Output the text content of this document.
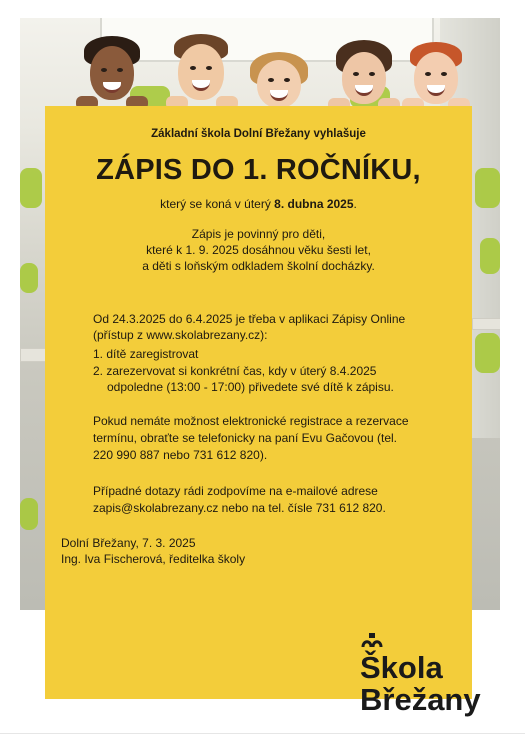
Základní škola Dolní Břežany vyhlašuje

ZÁPIS DO 1. ROČNÍKU,

který se koná v úterý 8. dubna 2025.

Zápis je povinný pro děti,

které k 1. 9. 2025 dosáhnou věku šesti let,

a děti s loňským odkladem školní docházky.

Od 24.3.2025 do 6.4.2025 je třeba v aplikaci Zápisy Online

(přístup z www.skolabrezany.cz):

1. dítě zaregistrovat

2. zarezervovat si konkrétní čas, kdy v úterý 8.4.2025

odpoledne (13:00 - 17:00) přivedete své dítě k zápisu.

Pokud nemáte možnost elektronické registrace a rezervace

termínu, obraťte se telefonicky na paní Evu Gačovou (tel.

220 990 887 nebo 731 612 820).

Případné dotazy rádi zodpovíme na e-mailové adrese

zapis@skolabrezany.cz nebo na tel. čísle 731 612 820.

Dolní Břežany, 7. 3. 2025

Ing. Iva Fischerová, ředitelka školy

Škola
Břežany
